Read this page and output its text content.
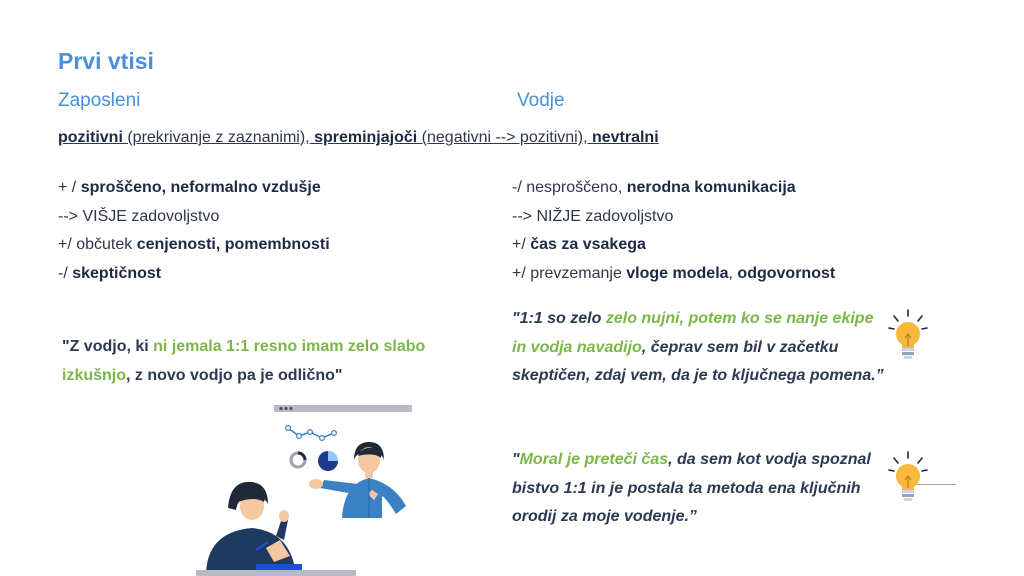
Prvi vtisi
Zaposleni	Vodje
pozitivni (prekrivanje z zaznanimi), spreminjajoči (negativni --> pozitivni), nevtralni
+ / sproščeno, neformalno vzdušje
--> VIŠJE zadovoljstvo
+/ občutek cenjenosti, pomembnosti
-/ skeptičnost
-/ nesproščeno, nerodna komunikacija
--> NIŽJE zadovoljstvo
+/ čas za vsakega
+/ prevzemanje vloge modela, odgovornost
"Z vodjo, ki ni jemala 1:1 resno imam zelo slabo izkušnjo, z novo vodjo pa je odlično"
"1:1 so zelo zelo nujni, potem ko se nanje ekipe in vodja navadijo, čeprav sem bil v začetku skeptičen, zdaj vem, da je to ključnega pomena.”
"Moral je preteči čas, da sem kot vodja spoznal bistvo 1:1 in je postala ta metoda ena ključnih orodij za moje vodenje.”
